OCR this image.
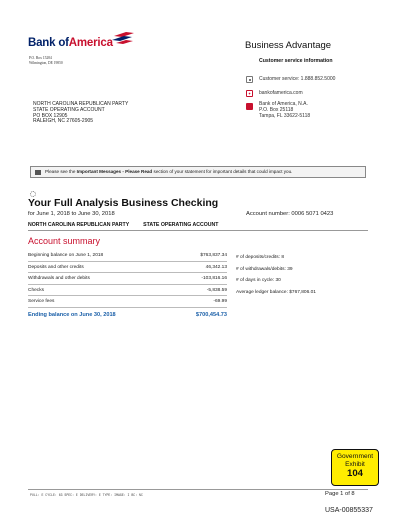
Bank ofAmerica
P.O. Box 15284
Wilmington, DE 19850
Business Advantage
Customer service information
Customer service: 1.888.852.5000
✦	bankofamerica.com
Bank of America, N.A.
P.O. Box 25118
Tampa, FL 33622-5118
NORTH CAROLINA REPUBLICAN PARTY
STATE OPERATING ACCOUNT
PO BOX 12905
RALEIGH, NC 27605-2905
Please see the Important Messages - Please Read section of your statement for important details that could impact you.
Your Full Analysis Business Checking
for June 1, 2018 to June 30, 2018	Account number: 0006 5071 0423
NORTH CAROLINA REPUBLICAN PARTY	STATE OPERATING ACCOUNT
Account summary
Beginning balance on June 1, 2018	$763,837.34
Deposits and other credits	46,342.13
Withdrawals and other debits	-103,816.16
Checks	-5,838.59
Service fees	-69.99
Ending balance on June 30, 2018	$700,454.73
# of deposits/credits: 8
# of withdrawals/debits: 39
# of days in cycle: 30
Average ledger balance: $767,806.01
Government
Exhibit
104
PULL: E CYCLE: 63 SPEC: E DELIVERY: E TYPE: IMAGE: I BC: NC	Page 1 of 8
USA-00855337
